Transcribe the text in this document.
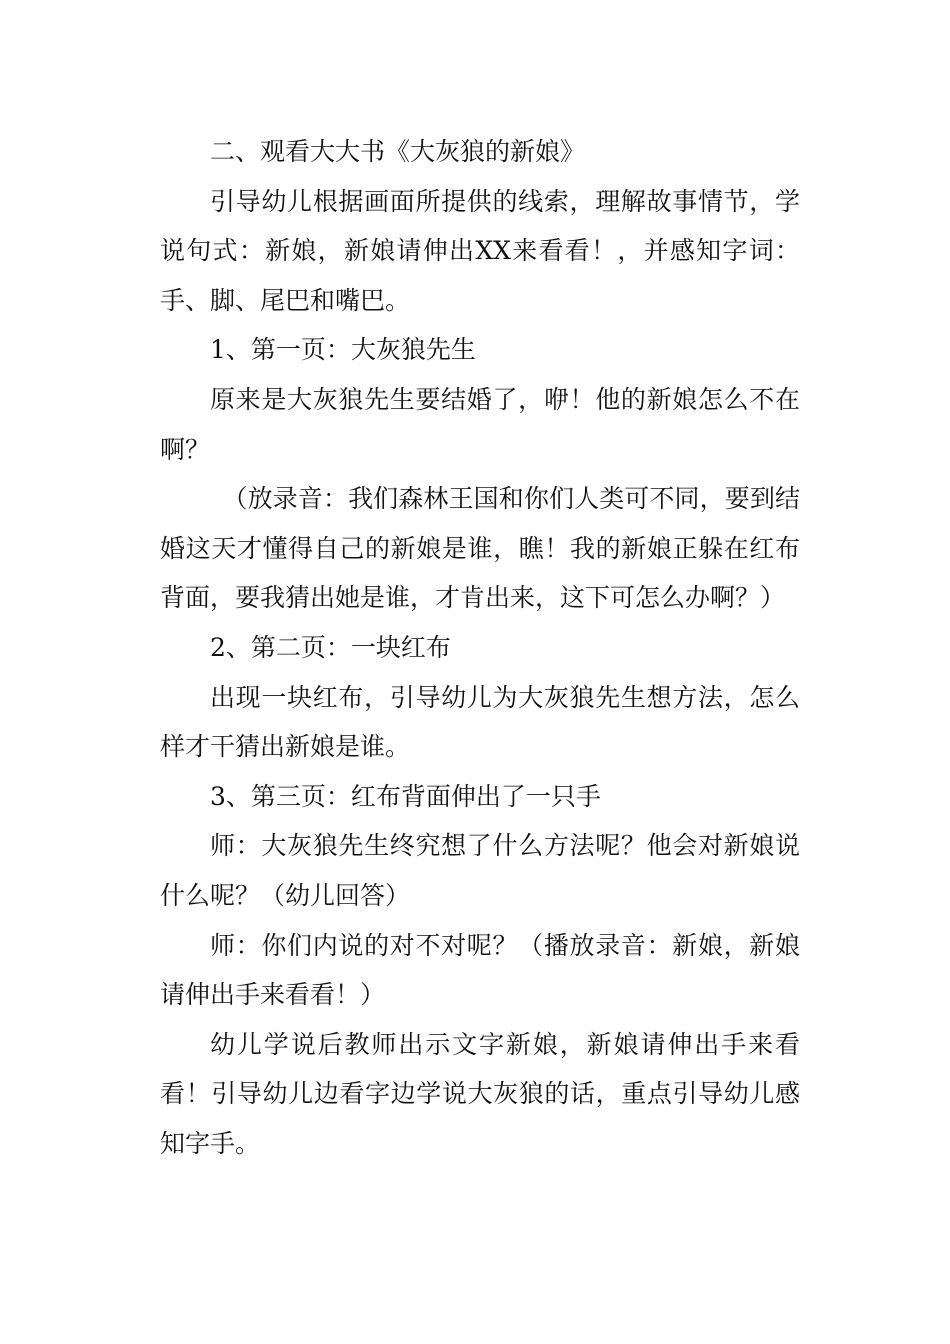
二、观看大大书《大灰狼的新娘》

引导幼儿根据画面所提供的线索，理解故事情节，学说句式：新娘，新娘请伸出XX来看看！，并感知字词：手、脚、尾巴和嘴巴。

1、第一页：大灰狼先生

原来是大灰狼先生要结婚了，咿！他的新娘怎么不在啊？

（放录音：我们森林王国和你们人类可不同，要到结婚这天才懂得自己的新娘是谁，瞧！我的新娘正躲在红布背面，要我猜出她是谁，才肯出来，这下可怎么办啊？）

2、第二页：一块红布

出现一块红布，引导幼儿为大灰狼先生想方法，怎么样才干猜出新娘是谁。

3、第三页：红布背面伸出了一只手

师：大灰狼先生终究想了什么方法呢？他会对新娘说什么呢？（幼儿回答）

师：你们内说的对不对呢？（播放录音：新娘，新娘请伸出手来看看！）

幼儿学说后教师出示文字新娘，新娘请伸出手来看看！引导幼儿边看字边学说大灰狼的话，重点引导幼儿感知字手。
